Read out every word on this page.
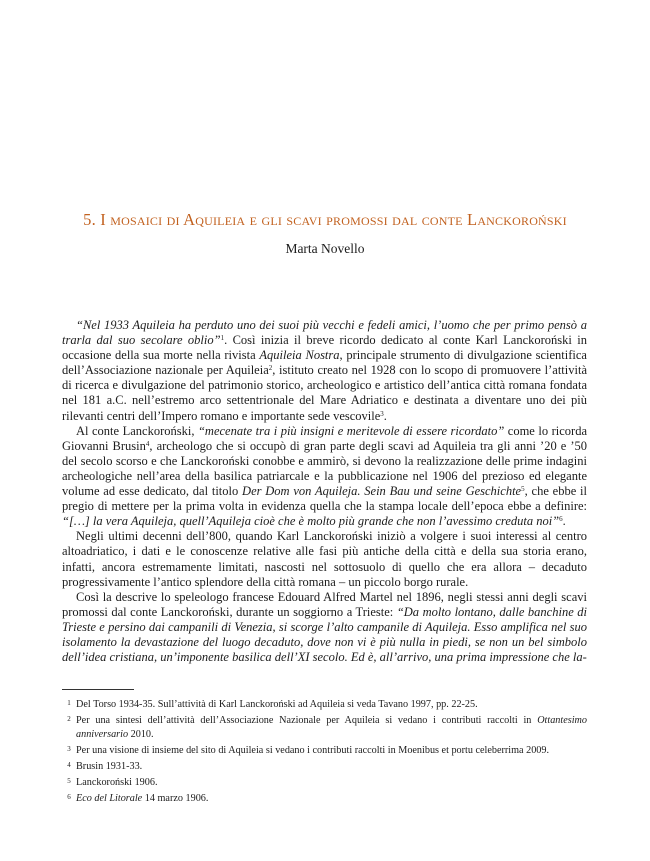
5. I mosaici di Aquileia e gli scavi promossi dal conte Lanckoroński
Marta Novello

“Nel 1933 Aquileia ha perduto uno dei suoi più vecchi e fedeli amici, l’uomo che per primo pensò a trarla dal suo secolare oblio”$^1$. Così inizia il breve ricordo dedicato al conte Karl Lanckoroński in occasione della sua morte nella rivista Aquileia Nostra, principale strumento di divulgazione scientifica dell’Associazione nazionale per Aquileia$^2$, istituto creato nel 1928 con lo scopo di promuovere l’attività di ricerca e divulgazione del patrimonio storico, archeologico e artistico dell’antica città romana fondata nel 181 a.C. nell’estremo arco settentrionale del Mare Adriatico e destinata a diventare uno dei più rilevanti centri dell’Impero romano e importante sede vescovile$^3$.

Al conte Lanckoroński, “mecenate tra i più insigni e meritevole di essere ricordato” come lo ricorda Giovanni Brusin$^4$, archeologo che si occupò di gran parte degli scavi ad Aquileia tra gli anni ’20 e ’50 del secolo scorso e che Lanckoroński conobbe e ammirò, si devono la realizzazione delle prime indagini archeologiche nell’area della basilica patriarcale e la pubblicazione nel 1906 del prezioso ed elegante volume ad esse dedicato, dal titolo Der Dom von Aquileja. Sein Bau und seine Geschichte$^5$, che ebbe il pregio di mettere per la prima volta in evidenza quella che la stampa locale dell’epoca ebbe a definire: “[…] la vera Aquileja, quell’Aquileja cioè che è molto più grande che non l’avessimo creduta noi”$^6$.

Negli ultimi decenni dell’800, quando Karl Lanckoroński iniziò a volgere i suoi interessi al centro altoadriatico, i dati e le conoscenze relative alle fasi più antiche della città e della sua storia erano, infatti, ancora estremamente limitati, nascosti nel sottosuolo di quello che era allora – decaduto progressivamente l’antico splendore della città romana – un piccolo borgo rurale.

Così la descrive lo speleologo francese Edouard Alfred Martel nel 1896, negli stessi anni degli scavi promossi dal conte Lanckoroński, durante un soggiorno a Trieste: “Da molto lontano, dalle banchine di Trieste e persino dai campanili di Venezia, si scorge l’alto campanile di Aquileja. Esso amplifica nel suo isolamento la devastazione del luogo decaduto, dove non vi è più nulla in piedi, se non un bel simbolo dell’idea cristiana, un’imponente basilica dell’XI secolo. Ed è, all’arrivo, una prima impressione che la-

1 Del Torso 1934-35. Sull’attività di Karl Lanckoroński ad Aquileia si veda Tavano 1997, pp. 22-25.

2 Per una sintesi dell’attività dell’Associazione Nazionale per Aquileia si vedano i contributi raccolti in Ottantesimo anniversario 2010.

3 Per una visione di insieme del sito di Aquileia si vedano i contributi raccolti in Moenibus et portu celeberrima 2009.

4 Brusin 1931-33.

5 Lanckoroński 1906.

6 Eco del Litorale 14 marzo 1906.
